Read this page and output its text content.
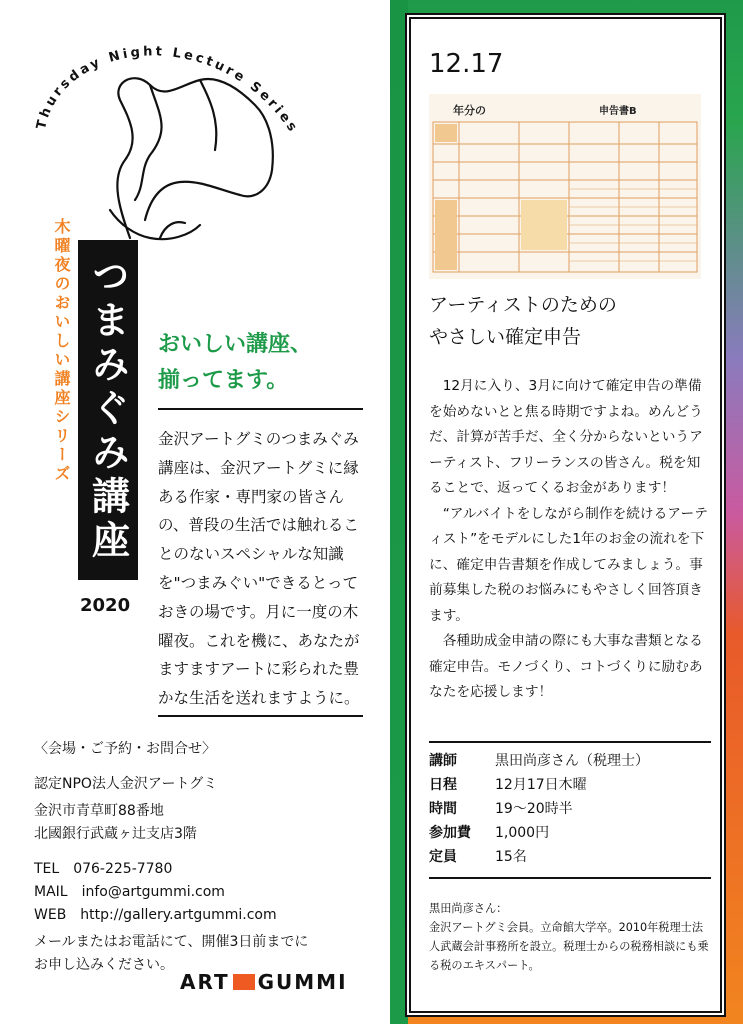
Thursday Night Lecture Series
木曜夜のおいしい講座シリーズ つまみぐみ講座
2020
おいしい講座、
揃ってます。
金沢アートグミのつまみぐみ講座は、金沢アートグミに縁ある作家・専門家の皆さんの、普段の生活では触れることのないスペシャルな知識を"つまみぐい"できるとっておきの場です。月に一度の木曜夜。これを機に、あなたがますますアートに彩られた豊かな生活を送れますように。
〈会場・ご予約・お問合せ〉
認定NPO法人金沢アートグミ
金沢市青草町88番地
北國銀行武蔵ヶ辻支店3階
TEL　076-225-7780
MAIL　info@artgummi.com
WEB　http://gallery.artgummi.com
メールまたはお電話にて、開催3日前までに
お申し込みください。
ART GUMMI
12.17
年分の	申告書B
アーティストのための
やさしい確定申告

12月に入り、3月に向けて確定申告の準備を始めないとと焦る時期ですよね。めんどうだ、計算が苦手だ、全く分からないというアーティスト、フリーランスの皆さん。税を知ることで、返ってくるお金があります！

“アルバイトをしながら制作を続けるアーティスト”をモデルにした1年のお金の流れを下に、確定申告書類を作成してみましょう。事前募集した税のお悩みにもやさしく回答頂きます。

各種助成金申請の際にも大事な書類となる確定申告。モノづくり、コトづくりに励むあなたを応援します！

講師	黒田尚彦さん（税理士）
日程	12月17日木曜
時間	19〜20時半
参加費	1,000円
定員	15名
黒田尚彦さん：
金沢アートグミ会員。立命館大学卒。2010年税理士法人武蔵会計事務所を設立。税理士からの税務相談にも乗る税のエキスパート。
